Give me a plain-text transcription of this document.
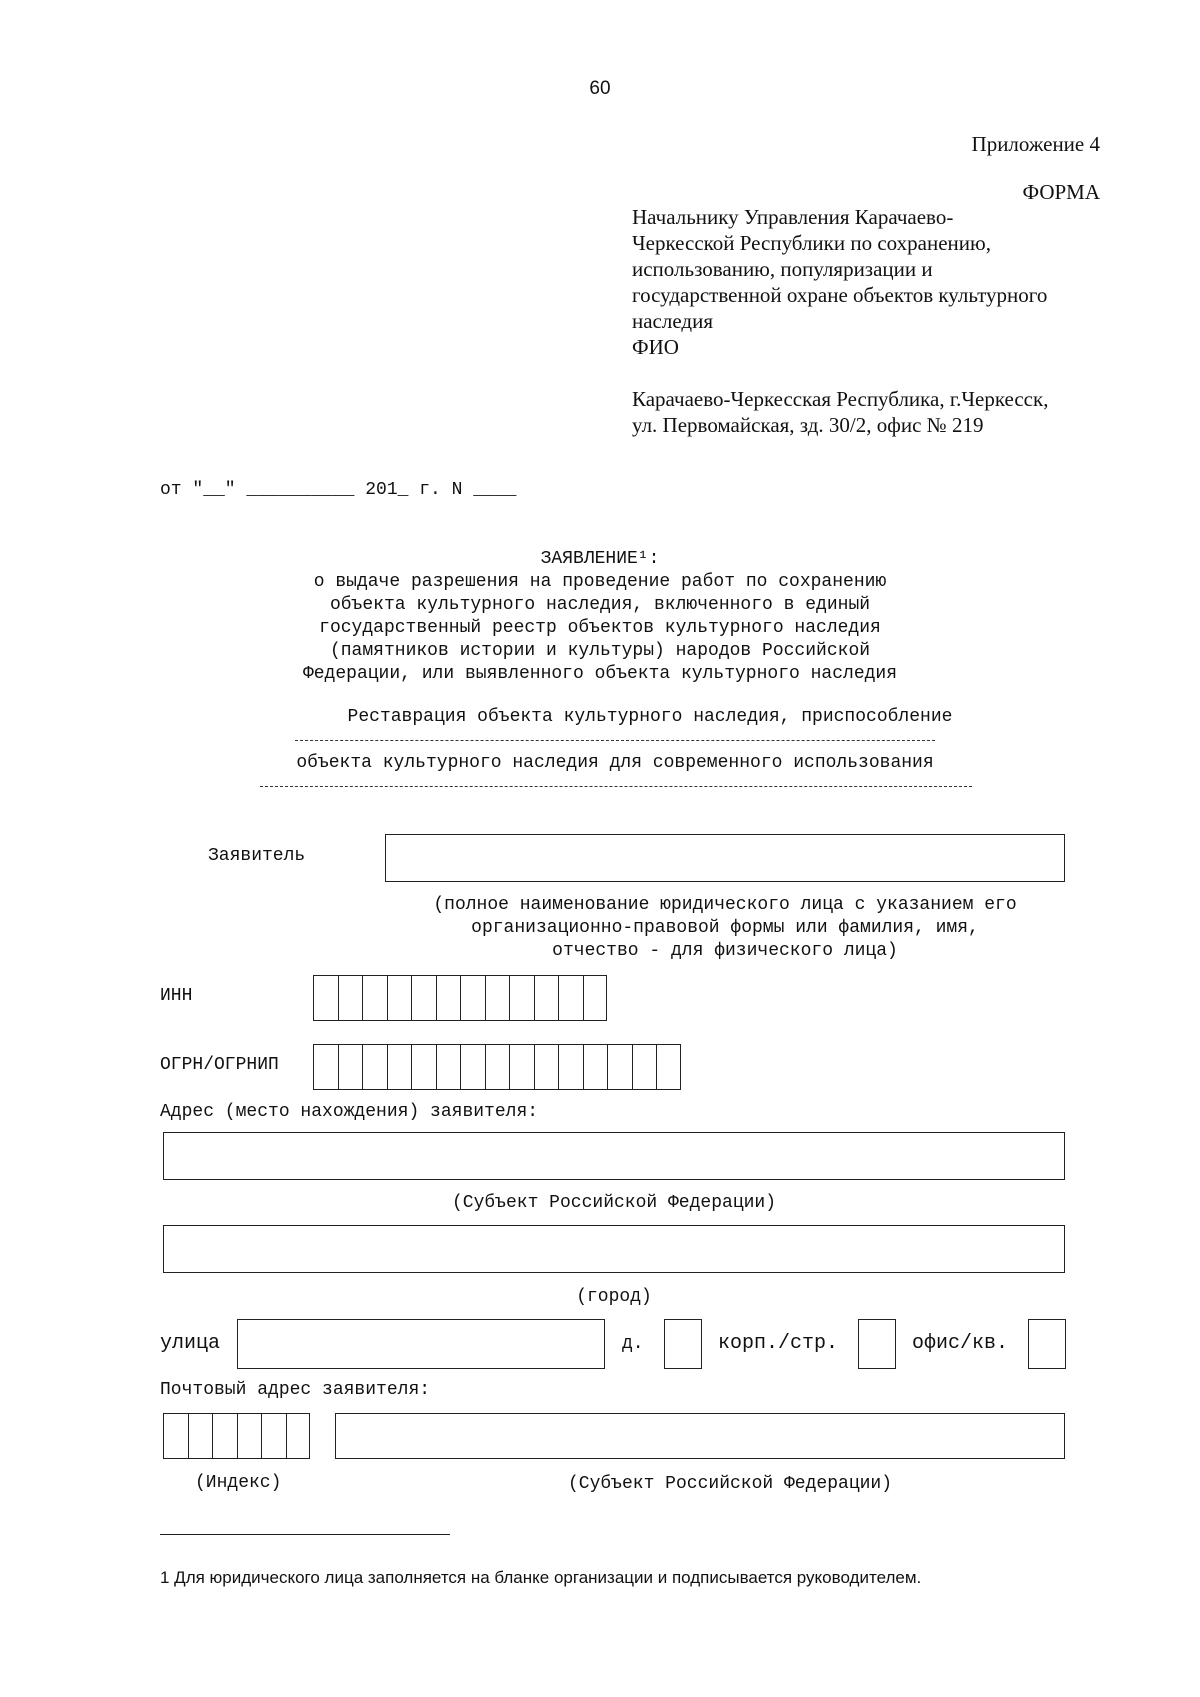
60
Приложение 4
ФОРМА
Начальнику Управления Карачаево-
Черкесской Республики по сохранению,
использованию, популяризации и
государственной охране объектов культурного
наследия
ФИО
Карачаево-Черкесская Республика, г.Черкесск,
ул. Первомайская, зд. 30/2, офис № 219
от "__" __________ 201_ г. N ____
ЗАЯВЛЕНИЕ¹:
о выдаче разрешения на проведение работ по сохранению
объекта культурного наследия, включенного в единый
государственный реестр объектов культурного наследия
(памятников истории и культуры) народов Российской
Федерации, или выявленного объекта культурного наследия
Реставрация объекта культурного наследия, приспособление
объекта культурного наследия для современного использования
Заявитель
(полное наименование юридического лица с указанием его
организационно-правовой формы или фамилия, имя,
отчество - для физического лица)
ИНН
ОГРН/ОГРНИП
Адрес (место нахождения) заявителя:
(Субъект Российской Федерации)
(город)
улица	д.	корп./стр.	офис/кв.
Почтовый адрес заявителя:
(Индекс)	(Субъект Российской Федерации)
1 Для юридического лица заполняется на бланке организации и подписывается руководителем.
